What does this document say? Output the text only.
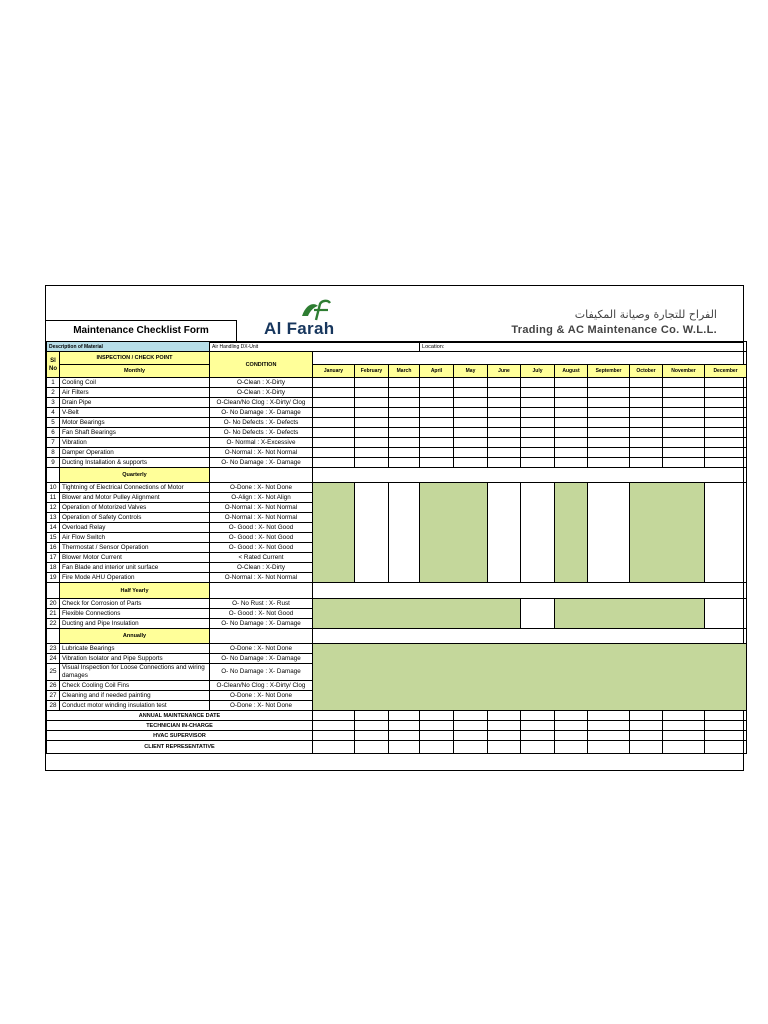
Al Farah
الفراح للتجارة وصيانة المكيفات
Trading & AC Maintenance Co. W.L.L.
Maintenance Checklist Form
Description of Material		Air Handling DX-Unit				Location:								
Sl No	INSPECTION / CHECK POINT	CONDITION												
	Monthly		January	February	March	April	May	June	July	August	September	October	November	December
1	Cooling Coil	O-Clean : X-Dirty												
2	Air Filters	O-Clean : X-Dirty												
3	Drain Pipe	O-Clean/No Clog : X-Dirty/ Clog												
4	V-Belt	O- No Damage : X- Damage												
5	Motor Bearings	O- No Defects : X- Defects												
6	Fan Shaft Bearings	O- No Defects : X- Defects												
7	Vibration	O- Normal : X-Excessive												
8	Damper Operation	O-Normal : X- Not Normal												
9	Ducting Installation & supports	O- No Damage : X- Damage												
	Quarterly													
10	Tightning of Electrical Connections of Motor	O-Done : X- Not Done												
11	Blower and Motor Pulley Alignment	O-Align : X- Not Align												
12	Operation of Motorized Valves	O-Normal : X- Not Normal												
13	Operation of Safety Controls	O-Normal : X- Not Normal												
14	Overload Relay	O- Good : X- Not Good												
15	Air Flow Switch	O- Good : X- Not Good												
16	Thermostat / Sensor Operation	O- Good : X- Not Good												
17	Blower Motor Current	< Rated Current												
18	Fan Blade and interior unit surface	O-Clean : X-Dirty												
19	Fire Mode AHU Operation	O-Normal : X- Not Normal												
	Half Yearly													
20	Check for Corrosion of Parts	O- No Rust : X- Rust												
21	Flexible Connections	O- Good : X- Not Good												
22	Ducting and Pipe Insulation	O- No Damage : X- Damage												
	Annually													
23	Lubricate Bearings	O-Done : X- Not Done												
24	Vibration Isolator and Pipe Supports	O- No Damage : X- Damage												
25	Visual Inspection for Loose Connections and wiring damages	O- No Damage : X- Damage												
26	Check Cooling Coil Fins	O-Clean/No Clog : X-Dirty/ Clog												
27	Cleaning and if needed painting	O-Done : X- Not Done												
28	Conduct motor winding insulation test	O-Done : X- Not Done												
ANNUAL MAINTENANCE DATE														
TECHNICIAN IN-CHARGE														
HVAC SUPERVISOR														
CLIENT REPRESENTATIVE														
